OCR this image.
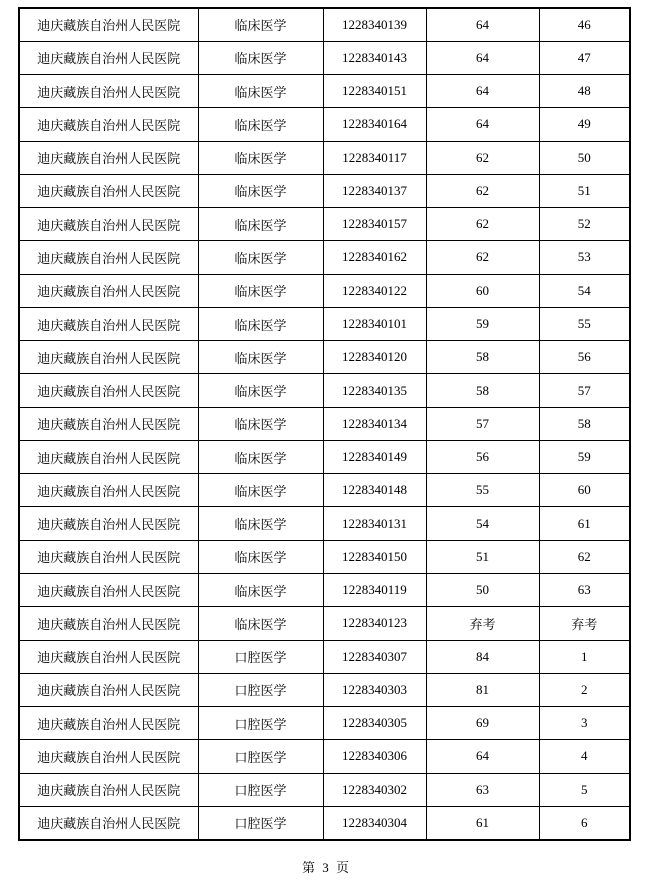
迪庆藏族自治州人民医院	临床医学	1228340139	64	46
迪庆藏族自治州人民医院	临床医学	1228340143	64	47
迪庆藏族自治州人民医院	临床医学	1228340151	64	48
迪庆藏族自治州人民医院	临床医学	1228340164	64	49
迪庆藏族自治州人民医院	临床医学	1228340117	62	50
迪庆藏族自治州人民医院	临床医学	1228340137	62	51
迪庆藏族自治州人民医院	临床医学	1228340157	62	52
迪庆藏族自治州人民医院	临床医学	1228340162	62	53
迪庆藏族自治州人民医院	临床医学	1228340122	60	54
迪庆藏族自治州人民医院	临床医学	1228340101	59	55
迪庆藏族自治州人民医院	临床医学	1228340120	58	56
迪庆藏族自治州人民医院	临床医学	1228340135	58	57
迪庆藏族自治州人民医院	临床医学	1228340134	57	58
迪庆藏族自治州人民医院	临床医学	1228340149	56	59
迪庆藏族自治州人民医院	临床医学	1228340148	55	60
迪庆藏族自治州人民医院	临床医学	1228340131	54	61
迪庆藏族自治州人民医院	临床医学	1228340150	51	62
迪庆藏族自治州人民医院	临床医学	1228340119	50	63
迪庆藏族自治州人民医院	临床医学	1228340123	弃考	弃考
迪庆藏族自治州人民医院	口腔医学	1228340307	84	1
迪庆藏族自治州人民医院	口腔医学	1228340303	81	2
迪庆藏族自治州人民医院	口腔医学	1228340305	69	3
迪庆藏族自治州人民医院	口腔医学	1228340306	64	4
迪庆藏族自治州人民医院	口腔医学	1228340302	63	5
迪庆藏族自治州人民医院	口腔医学	1228340304	61	6
第 3 页
